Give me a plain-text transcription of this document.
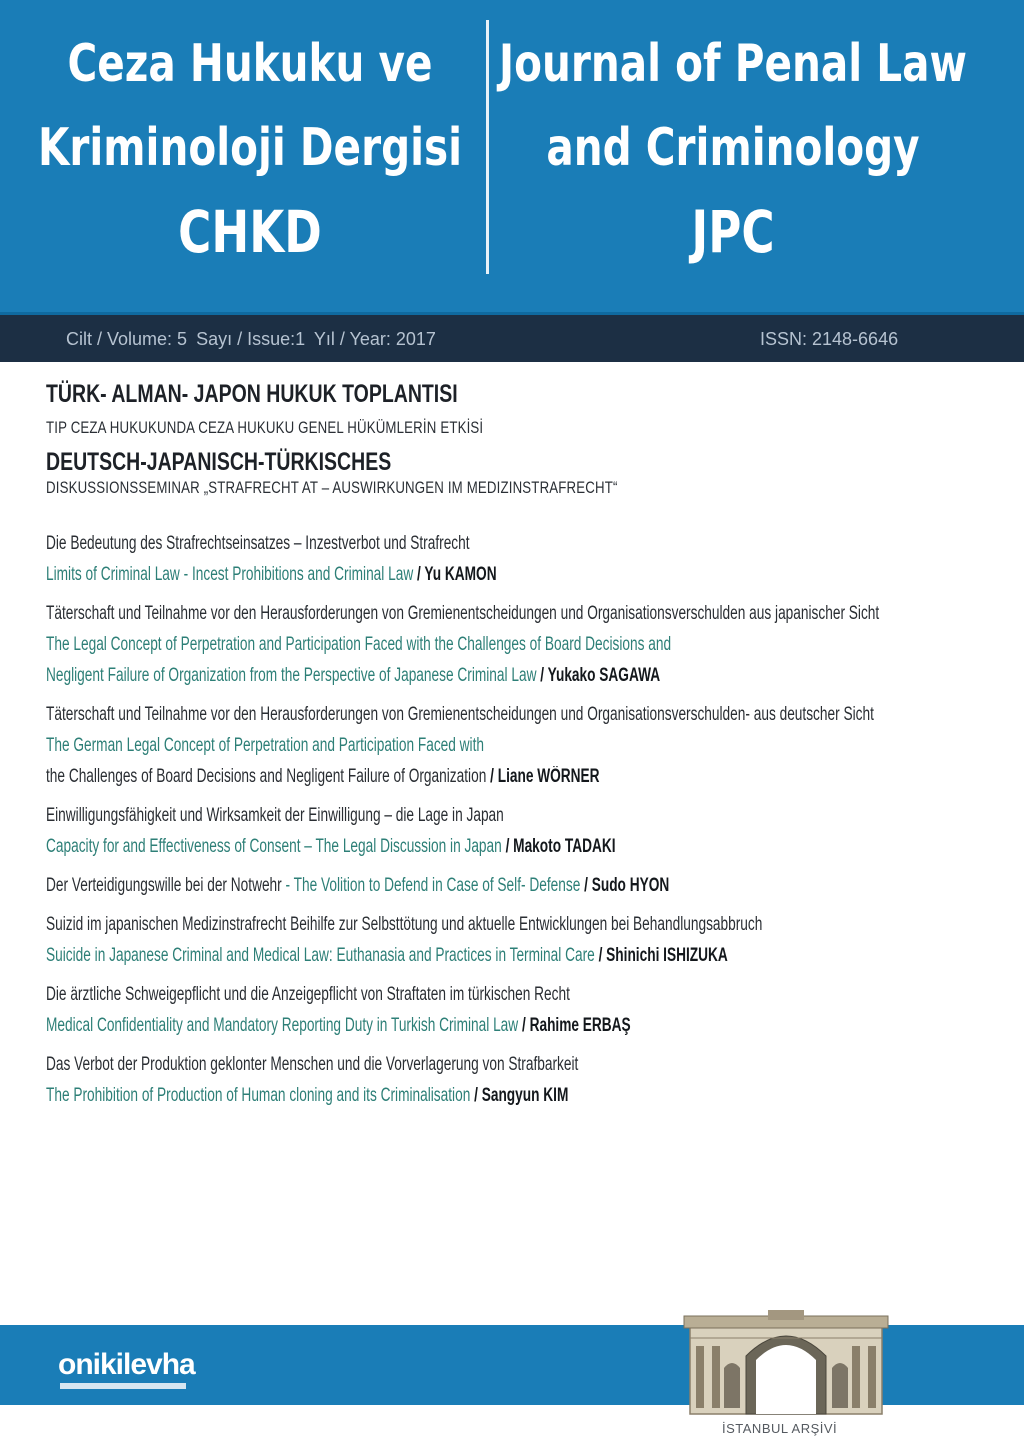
Ceza Hukuku ve
Kriminoloji Dergisi
CHKD
Journal of Penal Law
and Criminology
JPC
Cilt / Volume: 5 Sayı / Issue:1 Yıl / Year: 2017	ISSN: 2148-6646

TÜRK- ALMAN- JAPON HUKUK TOPLANTISI

TIP CEZA HUKUKUNDA CEZA HUKUKU GENEL HÜKÜMLERİN ETKİSİ

DEUTSCH-JAPANISCH-TÜRKISCHES

DISKUSSIONSSEMINAR „STRAFRECHT AT – AUSWIRKUNGEN IM MEDIZINSTRAFRECHT“

Die Bedeutung des Strafrechtseinsatzes – Inzestverbot und Strafrecht
Limits of Criminal Law - Incest Prohibitions and Criminal Law / Yu KAMON
Täterschaft und Teilnahme vor den Herausforderungen von Gremienentscheidungen und Organisationsverschulden aus japanischer Sicht
The Legal Concept of Perpetration and Participation Faced with the Challenges of Board Decisions and
Negligent Failure of Organization from the Perspective of Japanese Criminal Law / Yukako SAGAWA
Täterschaft und Teilnahme vor den Herausforderungen von Gremienentscheidungen und Organisationsverschulden- aus deutscher Sicht
The German Legal Concept of Perpetration and Participation Faced with
the Challenges of Board Decisions and Negligent Failure of Organization / Liane WÖRNER
Einwilligungsfähigkeit und Wirksamkeit der Einwilligung – die Lage in Japan
Capacity for and Effectiveness of Consent – The Legal Discussion in Japan / Makoto TADAKI
Der Verteidigungswille bei der Notwehr - The Volition to Defend in Case of Self- Defense / Sudo HYON
Suizid im japanischen Medizinstrafrecht Beihilfe zur Selbsttötung und aktuelle Entwicklungen bei Behandlungsabbruch
Suicide in Japanese Criminal and Medical Law: Euthanasia and Practices in Terminal Care / Shinichi ISHIZUKA
Die ärztliche Schweigepflicht und die Anzeigepflicht von Straftaten im türkischen Recht
Medical Confidentiality and Mandatory Reporting Duty in Turkish Criminal Law / Rahime ERBAŞ
Das Verbot der Produktion geklonter Menschen und die Vorverlagerung von Strafbarkeit
The Prohibition of Production of Human cloning and its Criminalisation / Sangyun KIM
onikilevha
İSTANBUL ARŞİVİ
